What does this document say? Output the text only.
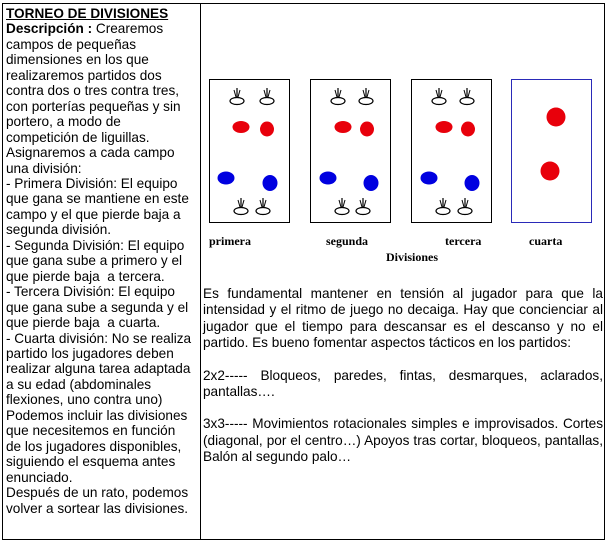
TORNEO DE DIVISIONES
Descripción : Crearemos
campos de pequeñas
dimensiones en los que
realizaremos partidos dos
contra dos o tres contra tres,
con porterías pequeñas y sin
portero, a modo de
competición de liguillas.
Asignaremos a cada campo
una división:
- Primera División: El equipo
que gana se mantiene en este
campo y el que pierde baja a
segunda división.
- Segunda División: El equipo
que gana sube a primero y el
que pierde baja  a tercera.
- Tercera División: El equipo
que gana sube a segunda y el
que pierde baja  a cuarta.
- Cuarta división: No se realiza
partido los jugadores deben
realizar alguna tarea adaptada
a su edad (abdominales
flexiones, uno contra uno)
Podemos incluir las divisiones
que necesitemos en función
de los jugadores disponibles,
siguiendo el esquema antes
enunciado.
Después de un rato, podemos
volver a sortear las divisiones.
primera	segunda	tercera	cuarta
Divisiones

Es fundamental mantener en tensión al jugador para que la intensidad y el ritmo de juego no decaiga. Hay que concienciar al jugador que el tiempo para descansar es el descanso y no el partido. Es bueno fomentar aspectos tácticos en los partidos:

2x2----- Bloqueos, paredes, fintas, desmarques, aclarados, pantallas….

3x3----- Movimientos rotacionales simples e improvisados. Cortes (diagonal, por el centro…) Apoyos tras cortar, bloqueos, pantallas, Balón al segundo palo…
